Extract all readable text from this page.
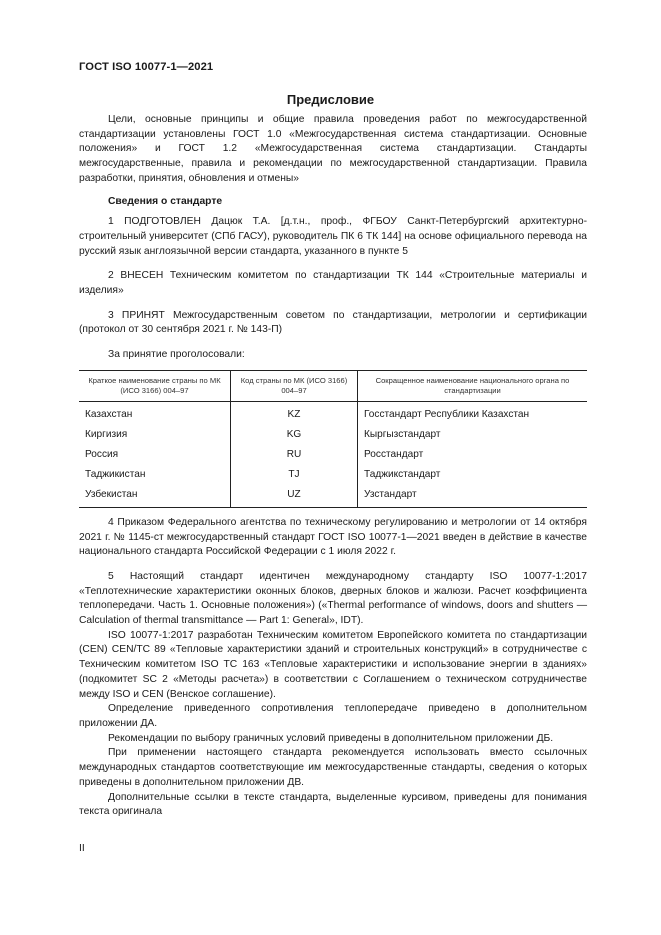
ГОСТ ISO 10077-1—2021
Предисловие

Цели, основные принципы и общие правила проведения работ по межгосударственной стандартизации установлены ГОСТ 1.0 «Межгосударственная система стандартизации. Основные положения» и ГОСТ 1.2 «Межгосударственная система стандартизации. Стандарты межгосударственные, правила и рекомендации по межгосударственной стандартизации. Правила разработки, принятия, обновления и отмены»

Сведения о стандарте

1 ПОДГОТОВЛЕН Дацюк Т.А. [д.т.н., проф., ФГБОУ Санкт-Петербургский архитектурно-строительный университет (СПб ГАСУ), руководитель ПК 6 ТК 144] на основе официального перевода на русский язык англоязычной версии стандарта, указанного в пункте 5

2 ВНЕСЕН Техническим комитетом по стандартизации ТК 144 «Строительные материалы и изделия»

3 ПРИНЯТ Межгосударственным советом по стандартизации, метрологии и сертификации (протокол от 30 сентября 2021 г. № 143-П)

За принятие проголосовали:

Краткое наименование страны по МК (ИСО 3166) 004–97	Код страны по МК (ИСО 3166) 004–97	Сокращенное наименование национального органа по стандартизации
Казахстан	KZ	Госстандарт Республики Казахстан
Киргизия	KG	Кыргызстандарт
Россия	RU	Росстандарт
Таджикистан	TJ	Таджикстандарт
Узбекистан	UZ	Узстандарт

4 Приказом Федерального агентства по техническому регулированию и метрологии от 14 октября 2021 г. № 1145-ст межгосударственный стандарт ГОСТ ISO 10077-1—2021 введен в действие в качестве национального стандарта Российской Федерации с 1 июля 2022 г.

5 Настоящий стандарт идентичен международному стандарту ISO 10077-1:2017 «Теплотехнические характеристики оконных блоков, дверных блоков и жалюзи. Расчет коэффициента теплопередачи. Часть 1. Основные положения») («Thermal performance of windows, doors and shutters — Calculation of thermal transmittance — Part 1: General», IDT).

ISO 10077-1:2017 разработан Техническим комитетом Европейского комитета по стандартизации (CEN) CEN/TC 89 «Тепловые характеристики зданий и строительных конструкций» в сотрудничестве с Техническим комитетом ISO TC 163 «Тепловые характеристики и использование энергии в зданиях» (подкомитет SC 2 «Методы расчета») в соответствии с Соглашением о техническом сотрудничестве между ISO и CEN (Венское соглашение).

Определение приведенного сопротивления теплопередаче приведено в дополнительном приложении ДА.

Рекомендации по выбору граничных условий приведены в дополнительном приложении ДБ.

При применении настоящего стандарта рекомендуется использовать вместо ссылочных международных стандартов соответствующие им межгосударственные стандарты, сведения о которых приведены в дополнительном приложении ДВ.

Дополнительные ссылки в тексте стандарта, выделенные курсивом, приведены для понимания текста оригинала

II
